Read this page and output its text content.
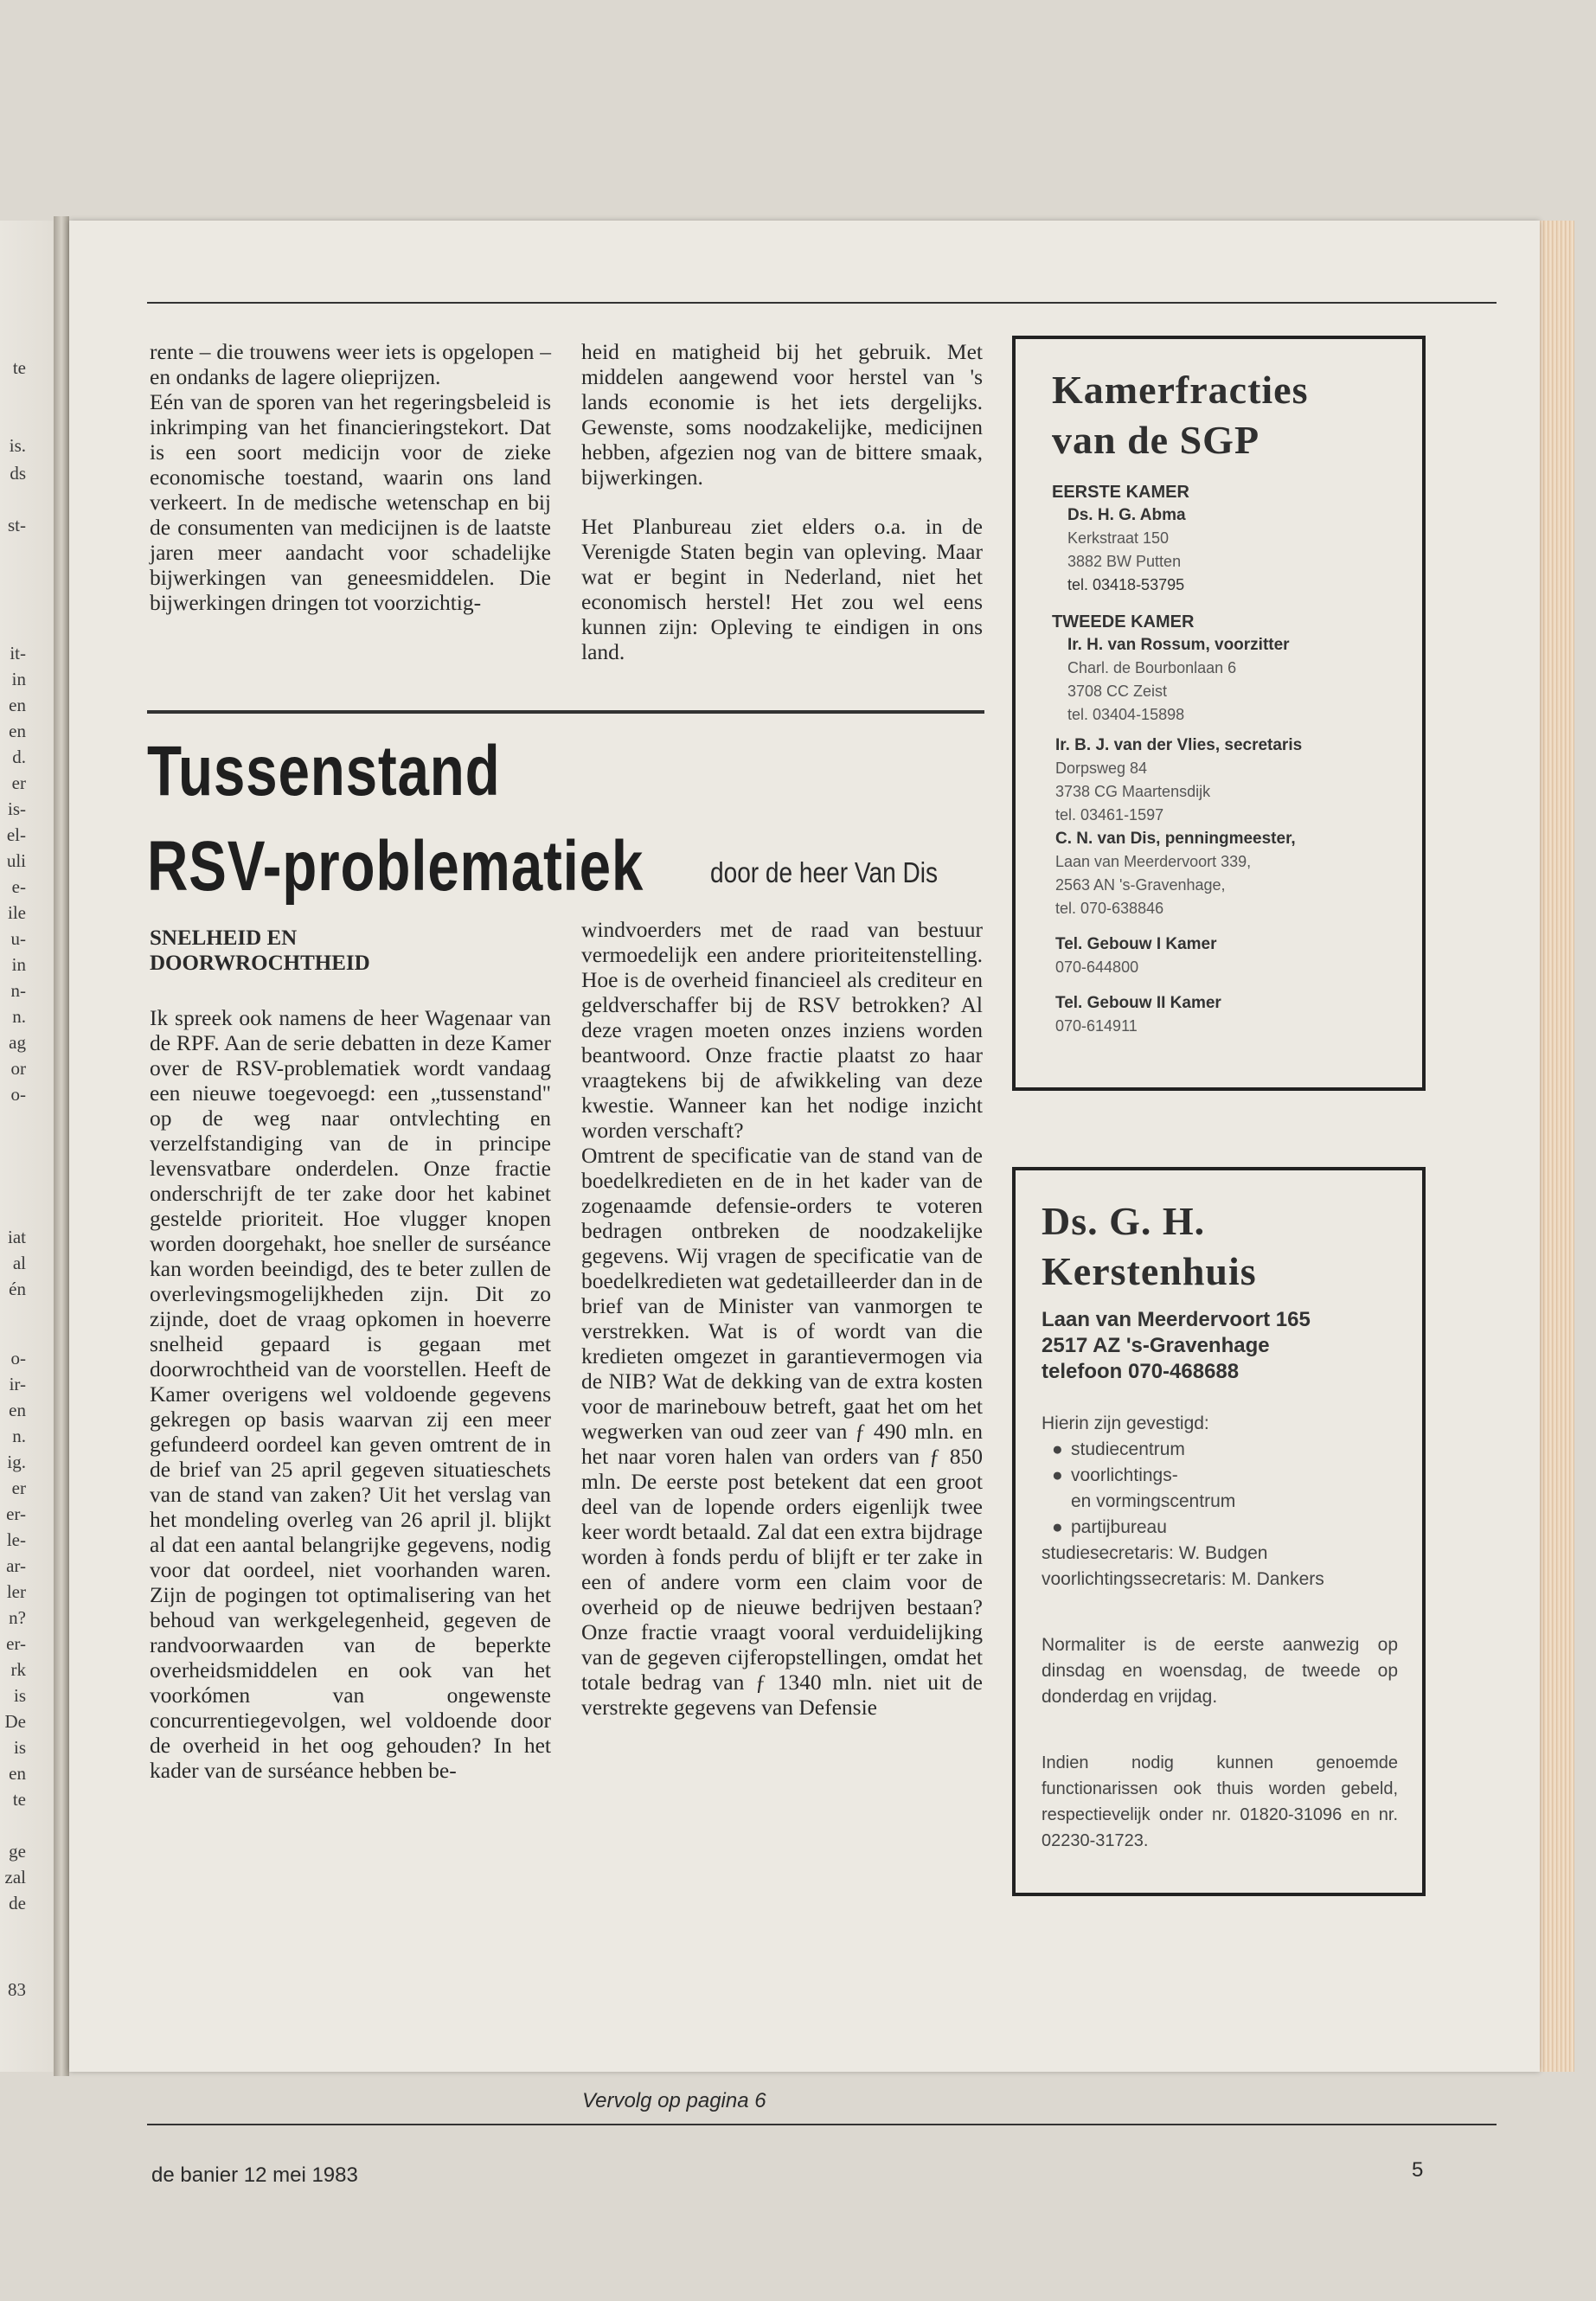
te
is.
ds
st-
it-
in
en
en
d.
er
is-
el-
uli
e-
ile
u-
in
n-
n.
ag
or
o-
iat
al
én
o-
ir-
en
n.
ig.
er
er-
le-
ar-
ler
n?
er-
rk
is
De
is
en
te
ge
zal
de
83

rente – die trouwens weer iets is opgelopen – en ondanks de lagere olieprijzen.

Eén van de sporen van het regeringsbeleid is inkrimping van het financieringstekort. Dat is een soort medicijn voor de zieke economische toestand, waarin ons land verkeert. In de medische wetenschap en bij de consumenten van medicijnen is de laatste jaren meer aandacht voor schadelijke bijwerkingen van geneesmiddelen. Die bijwerkingen dringen tot voorzichtig-

heid en matigheid bij het gebruik. Met middelen aangewend voor herstel van 's lands economie is het iets dergelijks. Gewenste, soms noodzakelijke, medicijnen hebben, afgezien nog van de bittere smaak, bijwerkingen.

Het Planbureau ziet elders o.a. in de Verenigde Staten begin van opleving. Maar wat er begint in Nederland, niet het economisch herstel! Het zou wel eens kunnen zijn: Opleving te eindigen in ons land.

Tussenstand
RSV-problematiek door de heer Van Dis
SNELHEID EN
DOORWROCHTHEID

Ik spreek ook namens de heer Wagenaar van de RPF. Aan de serie debatten in deze Kamer over de RSV-problematiek wordt vandaag een nieuwe toegevoegd: een „tussenstand" op de weg naar ontvlechting en verzelfstandiging van de in principe levensvatbare onderdelen. Onze fractie onderschrijft de ter zake door het kabinet gestelde prioriteit. Hoe vlugger knopen worden doorgehakt, hoe sneller de surséance kan worden beeindigd, des te beter zullen de overlevingsmogelijkheden zijn. Dit zo zijnde, doet de vraag opkomen in hoeverre snelheid gepaard is gegaan met doorwrochtheid van de voorstellen. Heeft de Kamer overigens wel voldoende gegevens gekregen op basis waarvan zij een meer gefundeerd oordeel kan geven omtrent de in de brief van 25 april gegeven situatieschets van de stand van zaken? Uit het verslag van het mondeling overleg van 26 april jl. blijkt al dat een aantal belangrijke gegevens, nodig voor dat oordeel, niet voorhanden waren. Zijn de pogingen tot optimalisering van het behoud van werkgelegenheid, gegeven de randvoorwaarden van de beperkte overheidsmiddelen en ook van het voorkómen van ongewenste concurrentiegevolgen, wel voldoende door de overheid in het oog gehouden? In het kader van de surséance hebben be-

windvoerders met de raad van bestuur vermoedelijk een andere prioriteitenstelling. Hoe is de overheid financieel als crediteur en geldverschaffer bij de RSV betrokken? Al deze vragen moeten onzes inziens worden beantwoord. Onze fractie plaatst zo haar vraagtekens bij de afwikkeling van deze kwestie. Wanneer kan het nodige inzicht worden verschaft?

Omtrent de specificatie van de stand van de boedelkredieten en de in het kader van de zogenaamde defensie-orders te voteren bedragen ontbreken de noodzakelijke gegevens. Wij vragen de specificatie van de boedelkredieten wat gedetailleerder dan in de brief van de Minister van vanmorgen te verstrekken. Wat is of wordt van die kredieten omgezet in garantievermogen via de NIB? Wat de dekking van de extra kosten voor de marinebouw betreft, gaat het om het wegwerken van oud zeer van ƒ 490 mln. en het naar voren halen van orders van ƒ 850 mln. De eerste post betekent dat een groot deel van de lopende orders eigenlijk twee keer wordt betaald. Zal dat een extra bijdrage worden à fonds perdu of blijft er ter zake in een of andere vorm een claim voor de overheid op de nieuwe bedrijven bestaan? Onze fractie vraagt vooral verduidelijking van de gegeven cijferopstellingen, omdat het totale bedrag van ƒ 1340 mln. niet uit de verstrekte gegevens van Defensie

Vervolg op pagina 6
Kamerfracties
van de SGP
EERSTE KAMER
Ds. H. G. Abma
Kerkstraat 150
3882 BW Putten
tel. 03418-53795
TWEEDE KAMER
Ir. H. van Rossum, voorzitter
Charl. de Bourbonlaan 6
3708 CC Zeist
tel. 03404-15898
Ir. B. J. van der Vlies, secretaris
Dorpsweg 84
3738 CG Maartensdijk
tel. 03461-1597
C. N. van Dis, penningmeester,
Laan van Meerdervoort 339,
2563 AN 's-Gravenhage,
tel. 070-638846
Tel. Gebouw I Kamer
070-644800
Tel. Gebouw II Kamer
070-614911
Ds. G. H.
Kerstenhuis
Laan van Meerdervoort 165
2517 AZ 's-Gravenhage
telefoon 070-468688
Hierin zijn gevestigd:
● studiecentrum
● voorlichtings-
en vormingscentrum
● partijbureau
studiesecretaris: W. Budgen
voorlichtingssecretaris: M. Dankers
Normaliter is de eerste aanwezig op dinsdag en woensdag, de tweede op donderdag en vrijdag.
Indien nodig kunnen genoemde functionarissen ook thuis worden gebeld, respectievelijk onder nr. 01820-31096 en nr. 02230-31723.
de banier 12 mei 1983	5
